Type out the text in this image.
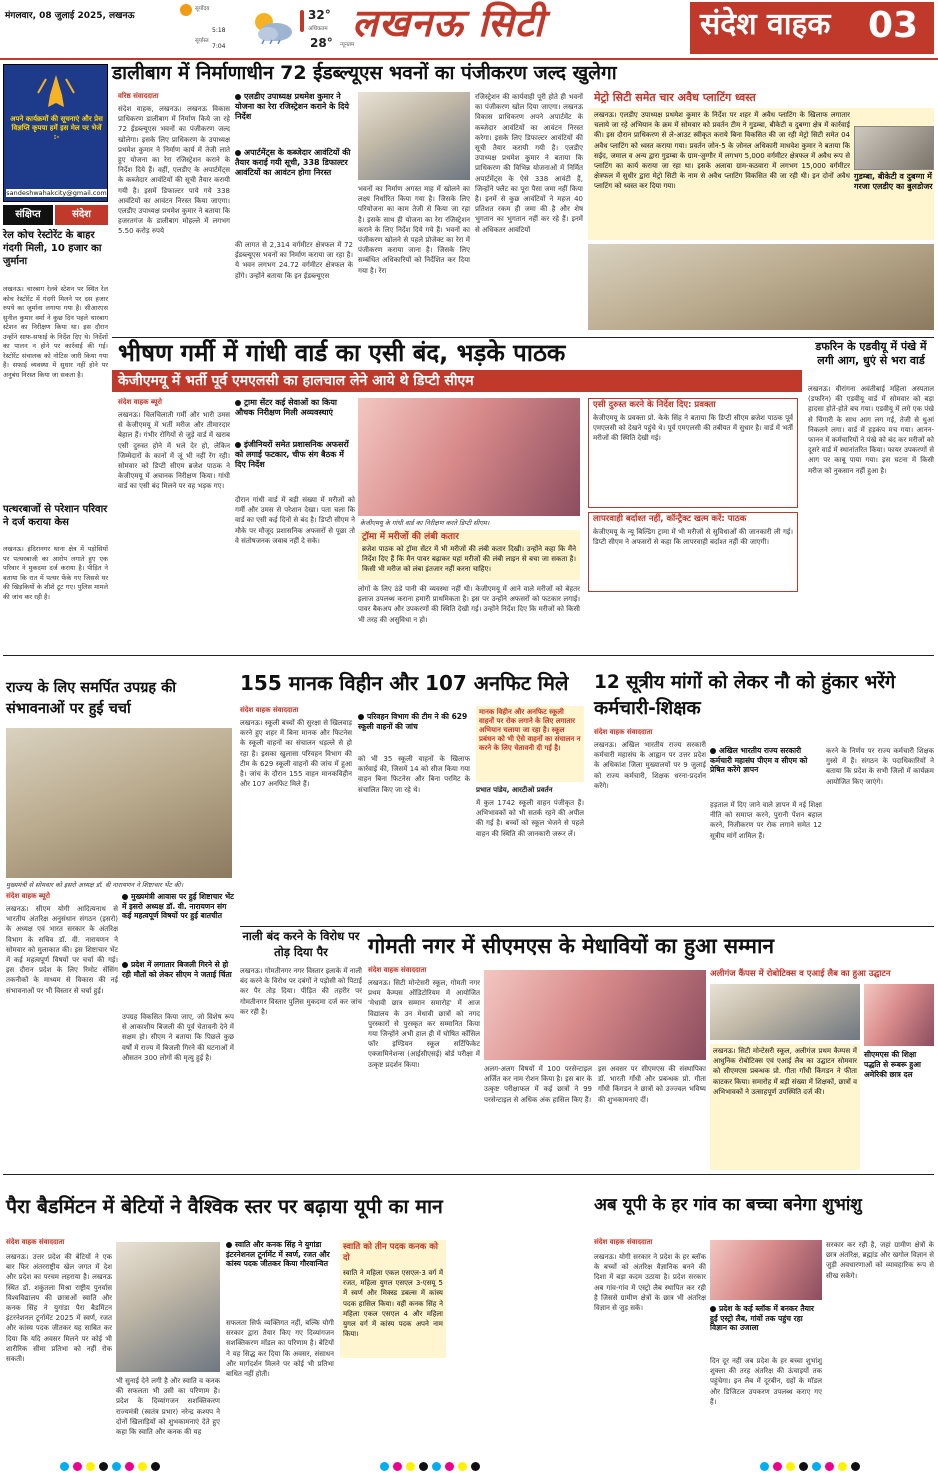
मंगलवार, 08 जुलाई 2025, लखनऊ
सूर्योदय
5:18
सूर्यास्त
7:04
32°
अधिकतम
28° न्यूनतम
लखनऊ सिटी	संदेश वाहक 03
अपने कार्यक्रमों की सूचनाएं और प्रेस विज्ञप्ति कृपया हमें इस मेल पर भेजें :-
sandeshwahakcity@gmail.com
संक्षिप्त	संदेश
रेल कोच रेस्टोरेंट के बाहर गंदगी मिली, 10 हजार का जुर्माना
लखनऊ। चारबाग रेलवे स्टेशन पर स्थित रेल कोच रेस्टोरेंट में गंदगी मिलने पर दस हजार रुपये का जुर्माना लगाया गया है। सीआरएस सुनील कुमार वर्मा ने कुछ दिन पहले चारबाग स्टेशन का निरीक्षण किया था। इस दौरान उन्होंने साफ-सफाई के निर्देश दिए थे। निर्देशों का पालन न होने पर कार्रवाई की गई। रेस्टोरेंट संचालक को नोटिस जारी किया गया है। सफाई व्यवस्था में सुधार नहीं होने पर अनुबंध निरस्त किया जा सकता है।
पत्थरबाजों से परेशान परिवार ने दर्ज कराया केस
लखनऊ। इंदिरानगर थाना क्षेत्र में पड़ोसियों पर पत्थरबाजी का आरोप लगाते हुए एक परिवार ने मुकदमा दर्ज कराया है। पीड़ित ने बताया कि रात में पत्थर फेंके गए जिससे घर की खिड़कियों के शीशे टूट गए। पुलिस मामले की जांच कर रही है।
डालीबाग में निर्माणाधीन 72 ईडब्ल्यूएस भवनों का पंजीकरण जल्द खुलेगा
वरिष्ठ संवाददाता
संदेश वाहक, लखनऊ। लखनऊ विकास प्राधिकरण डालीबाग में निर्माण किये जा रहे 72 ईडब्ल्यूएस भवनों का पंजीकरण जल्द खोलेगा। इसके लिए प्राधिकरण के उपाध्यक्ष प्रथमेश कुमार ने निर्माण कार्य में तेजी लाते हुए योजना का रेरा रजिस्ट्रेशन कराने के निर्देश दिये हैं। वहीं, एलडीए के अपार्टमेंट्स के कब्जेदार आवंटियों की सूची तैयार करायी गयी है। इसमें डिफाल्टर पाये गये 338 आवंटियों का आवंटन निरस्त किया जाएगा। एलडीए उपाध्यक्ष प्रथमेश कुमार ने बताया कि हजरतगंज के डालीबाग मोहल्ले में लगभग 5.50 करोड़ रुपये
एलडीए उपाध्यक्ष प्रथमेश कुमार ने योजना का रेरा रजिस्ट्रेशन कराने के दिये निर्देश
अपार्टमेंट्स के कब्जेदार आवंटियों की तैयार कराई गयी सूची, 338 डिफाल्टर आवंटियों का आवंटन होगा निरस्त
की लागत से 2,314 वर्गमीटर क्षेत्रफल में 72 ईडब्ल्यूएस भवनों का निर्माण कराया जा रहा है। ये भवन लगभग 24.72 वर्गमीटर क्षेत्रफल के होंगे। उन्होंने बताया कि इन ईडब्ल्यूएस
भवनों का निर्माण अगस्त माह में खोलने का लक्ष्य निर्धारित किया गया है। जिसके लिए परियोजना का काम तेजी से किया जा रहा है। इसके साथ ही योजना का रेरा रजिस्ट्रेशन कराने के लिए निर्देश दिये गये हैं। भवनों का पंजीकरण खोलने से पहले प्रोजेक्ट का रेरा में पंजीकरण कराया जाना है। जिसके लिए सम्बंधित अधिकारियों को निर्देशित कर दिया गया है। रेरा
रजिस्ट्रेशन की कार्यवाही पूरी होते ही भवनों का पंजीकरण खोल दिया जाएगा। लखनऊ विकास प्राधिकरण अपने अपार्टमेंट के कब्जेदार आवंटियों का आवंटन निरस्त करेगा। इसके लिए डिफाल्टर आवंटियों की सूची तैयार करायी गयी है। एलडीए उपाध्यक्ष प्रथमेश कुमार ने बताया कि प्राधिकरण की विभिन्न योजनाओं में निर्मित अपार्टमेंट्स के ऐसे 338 आवंटी हैं, जिन्होंने फ्लैट का पूरा पैसा जमा नहीं किया है। इनमें से कुछ आवंटियों ने महज 40 प्रतिशत रकम ही जमा की है और शेष भुगतान का भुगतान नहीं कर रहे हैं। इनमें से अधिकतर आवंटियों
मेट्रो सिटी समेत चार अवैध प्लाटिंग ध्वस्त
लखनऊ। एलडीए उपाध्यक्ष प्रथमेश कुमार के निर्देश पर शहर में अवैध प्लाटिंग के खिलाफ लगातार चलाये जा रहे अभियान के क्रम में सोमवार को प्रवर्तन टीम ने गुडम्बा, बीकेटी व दुबग्गा क्षेत्र में कार्रवाई की। इस दौरान प्राधिकरण से ले-आउट स्वीकृत कराये बिना विकसित की जा रही मेट्रो सिटी समेत 04 अवैध प्लाटिंग को ध्वस्त कराया गया। प्रवर्तन जोन-5 के जोनल अधिकारी माधवेश कुमार ने बताया कि सईद, जमाल व अन्य द्वारा गुडम्बा के ग्राम-जुग्गौर में लगभग 5,000 वर्गमीटर क्षेत्रफल में अवैध रूप से प्लाटिंग का कार्य कराया जा रहा था। इसके अलावा ग्राम-कठवारा में लगभग 15,000 वर्गमीटर क्षेत्रफल में सुधीर द्वारा मेट्रो सिटी के नाम से अवैध प्लाटिंग विकसित की जा रही थी। इन दोनों अवैध प्लाटिंग को ध्वस्त कर दिया गया।
गुडम्बा, बीकेटी व दुबग्गा में गरजा एलडीए का बुलडोजर
भीषण गर्मी में गांधी वार्ड का एसी बंद, भड़के पाठक
केजीएमयू में भर्ती पूर्व एमएलसी का हालचाल लेने आये थे डिप्टी सीएम
संदेश वाहक ब्यूरो
लखनऊ। चिलचिलाती गर्मी और भारी उमस से केजीएमयू में भर्ती मरीज और तीमारदार बेहाल हैं। गंभीर रोगियों से जुड़े वार्ड में खराब एसी दुरुस्त होने में भले देर हो, लेकिन जिम्मेदारों के कानों में जूं भी नहीं रेंग रही। सोमवार को डिप्टी सीएम ब्रजेश पाठक ने केजीएमयू में अचानक निरीक्षण किया। गांधी वार्ड का एसी बंद मिलने पर वह भड़क गए।
ट्रामा सेंटर कई सेवाओं का किया औचक निरीक्षण मिली अव्यवस्थाएं
इंजीनियरों समेत प्रशासनिक अफसरों को लगाई फटकार, चीफ संग बैठक में दिए निर्देश
दौरान गांधी वार्ड में बड़ी संख्या में मरीजों को गर्मी और उमस से परेशान देखा। पता चला कि वार्ड का एसी कई दिनों से बंद है। डिप्टी सीएम ने मौके पर मौजूद प्रशासनिक अफसरों से पूछा तो वे संतोषजनक जवाब नहीं दे सके।
केजीएमयू के गांधी वार्ड का निरीक्षण करते डिप्टी सीएम।
ट्रॉमा में मरीजों की लंबी कतार
ब्रजेश पाठक को ट्रॉमा सेंटर में भी मरीजों की लंबी कतार दिखी। उन्होंने कहा कि मैंने निर्देश दिए हैं कि मैन पावर बढ़ाकर यहां मरीजों की लंबी लाइन से बचा जा सकता है। किसी भी मरीज को लंबा इंतजार नहीं करना चाहिए।
लोगों के लिए ठंडे पानी की व्यवस्था नहीं थी। केजीएमयू में आने वाले मरीजों को बेहतर इलाज उपलब्ध कराना हमारी प्राथमिकता है। इस पर उन्होंने अफसरों को फटकार लगाई। पावर बैकअप और उपकरणों की स्थिति देखी गई। उन्होंने निर्देश दिए कि मरीजों को किसी भी तरह की असुविधा न हो।
एसी दुरुस्त करने के निर्देश दिए: प्रवक्ता
केजीएमयू के प्रवक्ता प्रो. केके सिंह ने बताया कि डिप्टी सीएम ब्रजेश पाठक पूर्व एमएलसी को देखने पहुंचे थे। पूर्व एमएलसी की तबीयत में सुधार है। वार्ड में भर्ती मरीजों की स्थिति देखी गई।
लापरवाही बर्दाश्त नहीं, कॉन्ट्रैक्ट खत्म करें: पाठक
केजीएमयू के न्यू बिल्डिंग ट्रामा में भी मरीजों से सुविधाओं की जानकारी ली गई। डिप्टी सीएम ने अफसरों से कहा कि लापरवाही बर्दाश्त नहीं की जाएगी।
डफरिन के एडवीयू में पंखे में लगी आग, धुएं से भरा वार्ड
लखनऊ। वीरांगना अवंतीबाई महिला अस्पताल (डफरिन) की एडवीयू वार्ड में सोमवार को बड़ा हादसा होते-होते बच गया। एडवीयू में लगे एक पंखे से चिंगारी के साथ आग लग गई, तेजी से धुआं निकलने लगा। वार्ड में हड़कंप मच गया। आनन-फानन में कर्मचारियों ने पंखे को बंद कर मरीजों को दूसरे वार्ड में स्थानांतरित किया। फायर उपकरणों से आग पर काबू पाया गया। इस घटना में किसी मरीज को नुकसान नहीं हुआ है।
राज्य के लिए समर्पित उपग्रह की संभावनाओं पर हुई चर्चा
मुख्यमंत्री से सोमवार को इसरो अध्यक्ष डॉ. वी नारायणन ने शिष्टाचार भेंट की।
संदेश वाहक ब्यूरो
लखनऊ। सीएम योगी आदित्यनाथ से भारतीय अंतरिक्ष अनुसंधान संगठन (इसरो) के अध्यक्ष एवं भारत सरकार के अंतरिक्ष विभाग के सचिव डॉ. वी. नारायणन ने सोमवार को मुलाकात की। इस शिष्टाचार भेंट में कई महत्वपूर्ण विषयों पर चर्चा की गई। इस दौरान प्रदेश के लिए रिमोट सेंसिंग तकनीकों के माध्यम से विकास की नई संभावनाओं पर भी विस्तार से चर्चा हुई।
मुख्यमंत्री आवास पर हुई शिष्टाचार भेंट में इसरो अध्यक्ष डॉ. वी. नारायणन संग कई महत्वपूर्ण विषयों पर हुई बातचीत
प्रदेश में लगातार बिजली गिरने से हो रही मौतों को लेकर सीएम ने जताई चिंता
उपग्रह विकसित किया जाए, जो विशेष रूप से आकाशीय बिजली की पूर्व चेतावनी देने में सक्षम हो। सीएम ने बताया कि पिछले कुछ वर्षों में राज्य में बिजली गिरने की घटनाओं में औसतन 300 लोगों की मृत्यु हुई है।
नाली बंद करने के विरोध पर तोड़ दिया पैर
लखनऊ। गोमतीनगर नगर विस्तार इलाके में नाली बंद करने के विरोध पर दबंगों ने पड़ोसी को पिटाई कर पैर तोड़ दिया। पीड़ित की तहरीर पर गोमतीनगर विस्तार पुलिस मुकदमा दर्ज कर जांच कर रही है।
155 मानक विहीन और 107 अनफिट मिले
संदेश वाहक संवाददाता
लखनऊ। स्कूली बच्चों की सुरक्षा से खिलवाड़ करने हुए शहर में बिना मानक और फिटनेस के स्कूली वाहनों का संचालन धड़ल्ले से हो रहा है। इसका खुलासा परिवहन विभाग की टीम के 629 स्कूली वाहनों की जांच में हुआ है। जांच के दौरान 155 वाहन मानकविहीन और 107 अनफिट मिले हैं।
परिवहन विभाग की टीम ने की 629 स्कूली वाहनों की जांच
को भी 35 स्कूली वाहनों के खिलाफ कार्रवाई की, जिसमें 14 को सीज किया गया वाहन बिना फिटनेस और बिना परमिट के संचालित किए जा रहे थे।
मानक विहीन और अनफिट स्कूली वाहनों पर रोक लगाने के लिए लगातार अभियान चलाया जा रहा है। स्कूल प्रबंधन को भी ऐसे वाहनों का संचालन न करने के लिए चेतावनी दी गई है।
प्रभात पांडेय, आरटीओ प्रवर्तन
में कुल 1742 स्कूली वाहन पंजीकृत हैं। अभिभावकों को भी सतर्क रहने की अपील की गई है। बच्चों को स्कूल भेजने से पहले वाहन की स्थिति की जानकारी जरूर लें।
12 सूत्रीय मांगों को लेकर नौ को हुंकार भरेंगे कर्मचारी-शिक्षक
संदेश वाहक संवाददाता
लखनऊ। अखिल भारतीय राज्य सरकारी कर्मचारी महासंघ के आह्वान पर उत्तर प्रदेश के अधिकांश जिला मुख्यालयों पर 9 जुलाई को राज्य कर्मचारी, शिक्षक धरना-प्रदर्शन करेंगे।
अखिल भारतीय राज्य सरकारी कर्मचारी महासंघ पीएम व सीएम को प्रेषित करेंगे ज्ञापन
हड़ताल में दिए जाने वाले ज्ञापन में नई शिक्षा नीति को समाप्त करने, पुरानी पेंशन बहाल करने, निजीकरण पर रोक लगाने समेत 12 सूत्रीय मांगें शामिल हैं।
करने के निर्णय पर राज्य कर्मचारी शिक्षक गुस्से में हैं। संगठन के पदाधिकारियों ने बताया कि प्रदेश के सभी जिलों में कार्यक्रम आयोजित किए जाएंगे।
गोमती नगर में सीएमएस के मेधावियों का हुआ सम्मान
संदेश वाहक संवाददाता
लखनऊ। सिटी मोन्टेसरी स्कूल, गोमती नगर प्रथम कैम्पस ऑडिटोरियम में आयोजित 'मेधावी छात्र सम्मान समारोह' में आज विद्यालय के उन मेधावी छात्रों को नगद पुरस्कारों से पुरस्कृत कर सम्मानित किया गया जिन्होंने अभी हाल ही में घोषित काँसिल फॉर इण्डियन स्कूल सर्टिफिकेट एक्जामिनेशन्स (आईसीएसई) बोर्ड परीक्षा में उत्कृष्ट प्रदर्शन किया।
अलग-अलग विषयों में 100 परसेन्टाइल अर्जित कर नाम रोशन किया है। इस बार के उत्कृष्ट परीक्षाफल में कई छात्रों ने 99 परसेन्टाइल से अधिक अंक हासिल किए हैं।
इस अवसर पर सीएमएस की संस्थापिका डॉ. भारती गाँधी और प्रबन्धक प्रो. गीता गाँधी किंगडन ने छात्रों को उज्ज्वल भविष्य की शुभकामनाएं दीं।
अलीगंज कैंपस में रोबोटिक्स व एआई लैब का हुआ उद्घाटन
सीएमएस की शिक्षा पद्धति से रूबरू हुआ अमेरिकी छात्र दल
लखनऊ। सिटी मोन्टेसरी स्कूल, अलीगंज प्रथम कैम्पस में आधुनिक रोबोटिक्स एवं एआई लैब का उद्घाटन सोमवार को सीएमएस प्रबन्धक प्रो. गीता गाँधी किंगडन ने फीता काटकर किया। समारोह में बड़ी संख्या में शिक्षकों, छात्रों व अभिभावकों ने उत्साहपूर्ण उपस्थिति दर्ज की।
पैरा बैडमिंटन में बेटियों ने वैश्विक स्तर पर बढ़ाया यूपी का मान
संदेश वाहक संवाददाता
लखनऊ। उत्तर प्रदेश की बेटियों ने एक बार फिर अंतरराष्ट्रीय खेल जगत में देश और प्रदेश का परचम लहराया है। लखनऊ स्थित डॉ. शकुंतला मिश्रा राष्ट्रीय पुनर्वास विश्वविद्यालय की छात्राओं स्वाति और कनक सिंह ने युगांडा पैरा बैडमिंटन इंटरनेशनल टूर्नामेंट 2025 में स्वर्ण, रजत और कांस्य पदक जीतकर यह साबित कर दिया कि यदि अवसर मिलने पर कोई भी शारीरिक सीमा प्रतिभा को नहीं रोक सकती।
भी सुनाई देने लगी है और स्वाति व कनक की सफलता भी उसी का परिणाम है। प्रदेश के दिव्यांगजन सशक्तिकरण राज्यमंत्री (स्वतंत्र प्रभार) नरेन्द्र कश्यप ने दोनों खिलाड़ियों को शुभकामनाएं देते हुए कहा कि स्वाति और कनक की यह
स्वाति और कनक सिंह ने युगांडा इंटरनेशनल टूर्नामेंट में स्वर्ण, रजत और कांस्य पदक जीतकर किया गौरवान्वित
सफलता सिर्फ व्यक्तिगत नहीं, बल्कि योगी सरकार द्वारा तैयार किए गए दिव्यांगजन सशक्तिकरण मॉडल का परिणाम है। बेटियों ने यह सिद्ध कर दिया कि अवसर, संसाधन और मार्गदर्शन मिलने पर कोई भी प्रतिभा बाधित नहीं होती।
स्वाति को तीन पदक कनक को दो
स्वाति ने महिला एकल एसएल-3 वर्ग में रजत, महिला युगल एसएल 3-एसयू 5 में स्वर्ण और मिक्स्ड डबल्स में कांस्य पदक हासिल किया। वहीं कनक सिंह ने महिला एकल एसएल 4 और महिला युगल वर्ग में कांस्य पदक अपने नाम किया।
अब यूपी के हर गांव का बच्चा बनेगा शुभांशु
संदेश वाहक संवाददाता
लखनऊ। योगी सरकार ने प्रदेश के हर ब्लॉक के बच्चों को अंतरिक्ष वैज्ञानिक बनने की दिशा में बड़ा कदम उठाया है। प्रदेश सरकार अब गांव-गांव में एस्ट्रो लैब स्थापित कर रही है जिससे ग्रामीण क्षेत्रों के छात्र भी अंतरिक्ष विज्ञान से जुड़ सकें।	प्रदेश के कई ब्लॉक में बनकर तैयार हुईं एस्ट्रो लैब, गांवों तक पहुंच रहा विज्ञान का उजाला
दिन दूर नहीं जब प्रदेश के हर बच्चा शुभांशु शुक्ला की तरह अंतरिक्ष की ऊंचाइयों तक पहुंचेगा। इन लैब में दूरबीन, ग्रहों के मॉडल और डिजिटल उपकरण उपलब्ध कराए गए हैं।
सरकार कर रही है, जहां ग्रामीण क्षेत्रों के छात्र अंतरिक्ष, ब्रह्मांड और खगोल विज्ञान से जुड़ी अवधारणाओं को व्यावहारिक रूप से सीख सकेंगे।
